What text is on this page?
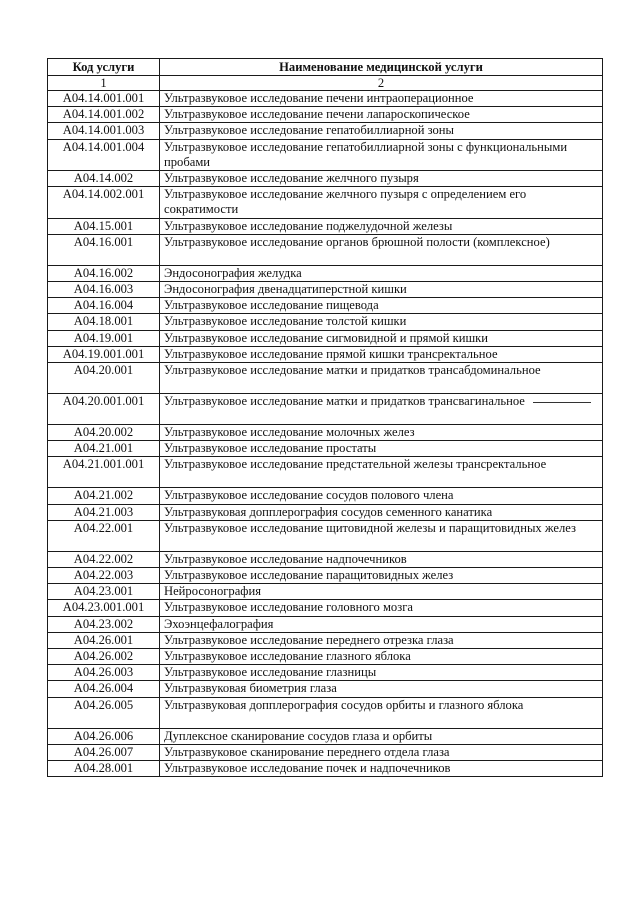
Код услуги	Наименование медицинской услуги
1	2
A04.14.001.001	Ультразвуковое исследование печени интраоперационное
A04.14.001.002	Ультразвуковое исследование печени лапароскопическое
A04.14.001.003	Ультразвуковое исследование гепатобиллиарной зоны
A04.14.001.004	Ультразвуковое исследование гепатобиллиарной зоны с функциональными пробами
A04.14.002	Ультразвуковое исследование желчного пузыря
A04.14.002.001	Ультразвуковое исследование желчного пузыря с определением его сократимости
A04.15.001	Ультразвуковое исследование поджелудочной железы
A04.16.001	Ультразвуковое исследование органов брюшной полости (комплексное)
A04.16.002	Эндосонография желудка
A04.16.003	Эндосонография двенадцатиперстной кишки
A04.16.004	Ультразвуковое исследование пищевода
A04.18.001	Ультразвуковое исследование толстой кишки
A04.19.001	Ультразвуковое исследование сигмовидной и прямой кишки
A04.19.001.001	Ультразвуковое исследование прямой кишки трансректальное
A04.20.001	Ультразвуковое исследование матки и придатков трансабдоминальное
A04.20.001.001	Ультразвуковое исследование матки и придатков трансвагинальное
A04.20.002	Ультразвуковое исследование молочных желез
A04.21.001	Ультразвуковое исследование простаты
A04.21.001.001	Ультразвуковое исследование предстательной железы трансректальное
A04.21.002	Ультразвуковое исследование сосудов полового члена
A04.21.003	Ультразвуковая допплерография сосудов семенного канатика
A04.22.001	Ультразвуковое исследование щитовидной железы и паращитовидных желез
A04.22.002	Ультразвуковое исследование надпочечников
A04.22.003	Ультразвуковое исследование паращитовидных желез
A04.23.001	Нейросонография
A04.23.001.001	Ультразвуковое исследование головного мозга
A04.23.002	Эхоэнцефалография
A04.26.001	Ультразвуковое исследование переднего отрезка глаза
A04.26.002	Ультразвуковое исследование глазного яблока
A04.26.003	Ультразвуковое исследование глазницы
A04.26.004	Ультразвуковая биометрия глаза
A04.26.005	Ультразвуковая допплерография сосудов орбиты и глазного яблока
A04.26.006	Дуплексное сканирование сосудов глаза и орбиты
A04.26.007	Ультразвуковое сканирование переднего отдела глаза
A04.28.001	Ультразвуковое исследование почек и надпочечников
